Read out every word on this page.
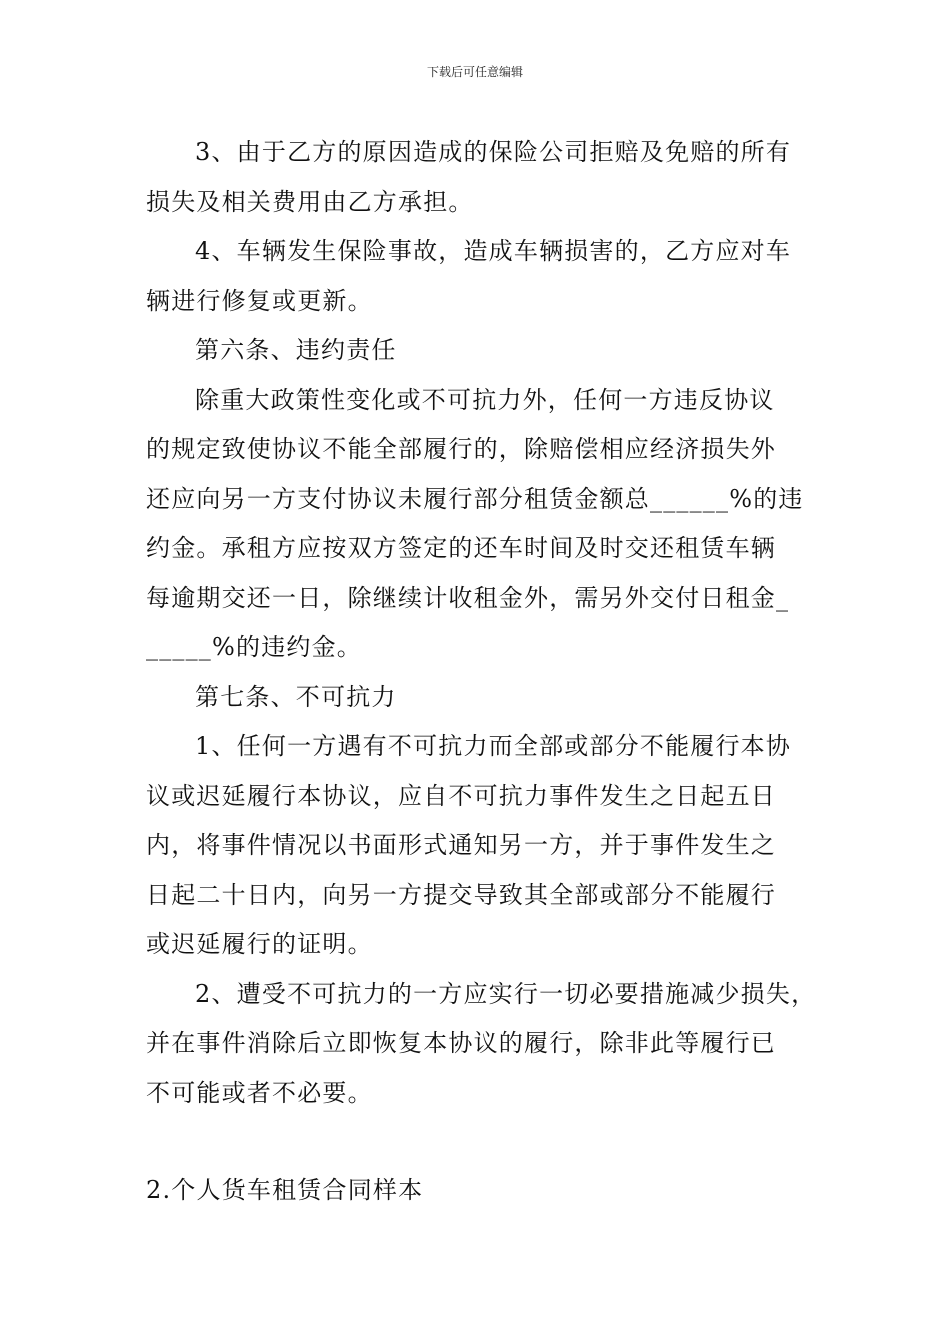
下载后可任意编辑
3、由于乙方的原因造成的保险公司拒赔及免赔的所有
损失及相关费用由乙方承担。
4、车辆发生保险事故，造成车辆损害的，乙方应对车
辆进行修复或更新。
第六条、违约责任
除重大政策性变化或不可抗力外，任何一方违反协议
的规定致使协议不能全部履行的，除赔偿相应经济损失外
还应向另一方支付协议未履行部分租赁金额总______%的违
约金。承租方应按双方签定的还车时间及时交还租赁车辆
每逾期交还一日，除继续计收租金外，需另外交付日租金_
_____%的违约金。
第七条、不可抗力
1、任何一方遇有不可抗力而全部或部分不能履行本协
议或迟延履行本协议，应自不可抗力事件发生之日起五日
内，将事件情况以书面形式通知另一方，并于事件发生之
日起二十日内，向另一方提交导致其全部或部分不能履行
或迟延履行的证明。
2、遭受不可抗力的一方应实行一切必要措施减少损失，
并在事件消除后立即恢复本协议的履行，除非此等履行已
不可能或者不必要。
2.个人货车租赁合同样本
